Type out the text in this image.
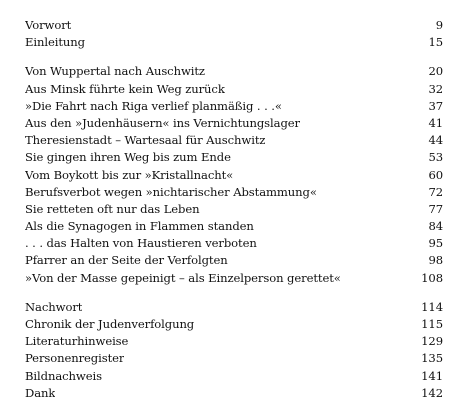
Vorwort	9
Einleitung	15
Von Wuppertal nach Auschwitz	20
Aus Minsk führte kein Weg zurück	32
»Die Fahrt nach Riga verlief planmäßig . . .«	37
Aus den »Judenhäusern« ins Vernichtungslager	41
Theresienstadt – Wartesaal für Auschwitz	44
Sie gingen ihren Weg bis zum Ende	53
Vom Boykott bis zur »Kristallnacht«	60
Berufsverbot wegen »nichtarischer Abstammung«	72
Sie retteten oft nur das Leben	77
Als die Synagogen in Flammen standen	84
. . . das Halten von Haustieren verboten	95
Pfarrer an der Seite der Verfolgten	98
»Von der Masse gepeinigt – als Einzelperson gerettet«	108
Nachwort	114
Chronik der Judenverfolgung	115
Literaturhinweise	129
Personenregister	135
Bildnachweis	141
Dank	142
